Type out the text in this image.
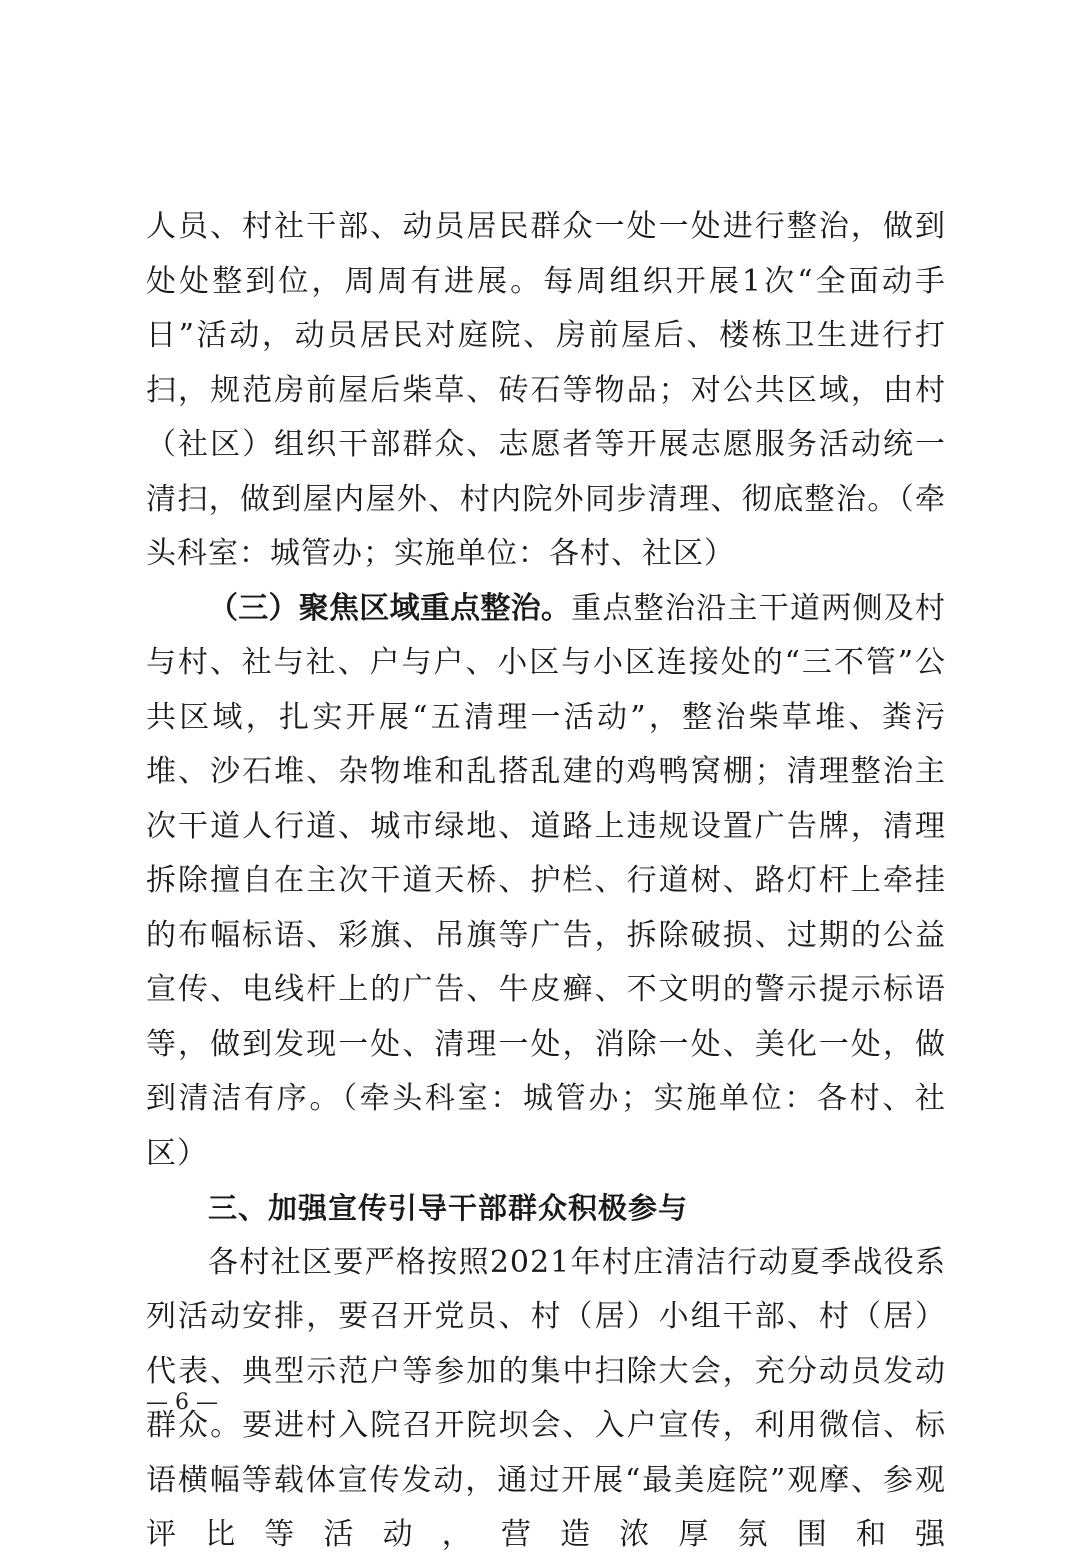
人员、村社干部、动员居民群众一处一处进行整治，做到处处整到位，周周有进展。每周组织开展1次“全面动手日”活动，动员居民对庭院、房前屋后、楼栋卫生进行打扫，规范房前屋后柴草、砖石等物品；对公共区域，由村（社区）组织干部群众、志愿者等开展志愿服务活动统一清扫，做到屋内屋外、村内院外同步清理、彻底整治。（牵头科室：城管办；实施单位：各村、社区）

（三）聚焦区域重点整治。重点整治沿主干道两侧及村与村、社与社、户与户、小区与小区连接处的“三不管”公共区域，扎实开展“五清理一活动”，整治柴草堆、粪污堆、沙石堆、杂物堆和乱搭乱建的鸡鸭窝棚；清理整治主次干道人行道、城市绿地、道路上违规设置广告牌，清理拆除擅自在主次干道天桥、护栏、行道树、路灯杆上牵挂的布幅标语、彩旗、吊旗等广告，拆除破损、过期的公益宣传、电线杆上的广告、牛皮癣、不文明的警示提示标语等，做到发现一处、清理一处，消除一处、美化一处，做到清洁有序。（牵头科室：城管办；实施单位：各村、社区）

三、加强宣传引导干部群众积极参与

各村社区要严格按照2021年村庄清洁行动夏季战役系列活动安排，要召开党员、村（居）小组干部、村（居）代表、典型示范户等参加的集中扫除大会，充分动员发动群众。要进村入院召开院坝会、入户宣传，利用微信、标语横幅等载体宣传发动，通过开展“最美庭院”观摩、参观评比等活动，营造浓厚氛围和强

— 6 —
